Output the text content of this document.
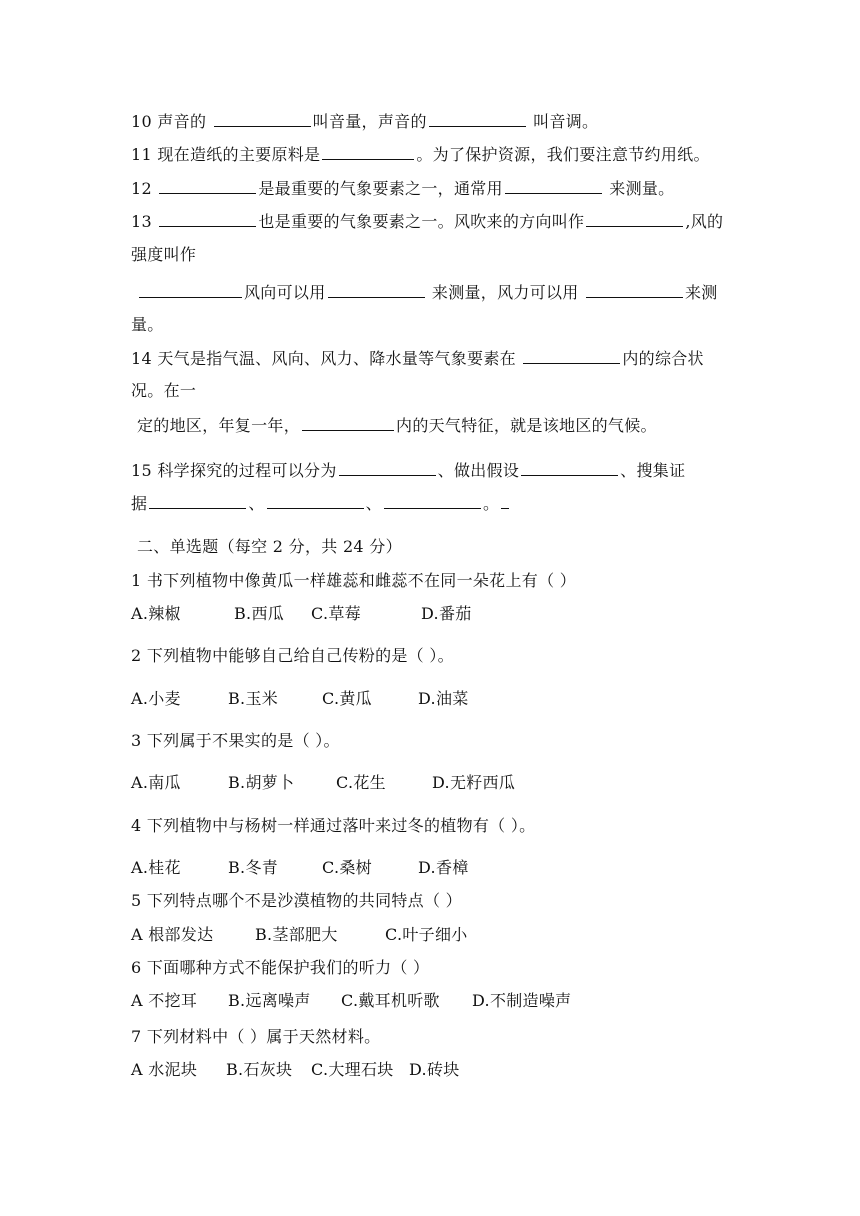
10 声音的	叫音量，声音的	叫音调。
11 现在造纸的主要原料是	。为了保护资源，我们要注意节约用纸。
12	是最重要的气象要素之一，通常用	来测量。
13	也是重要的气象要素之一。风吹来的方向叫作	,风的
强度叫作
风向可以用	来测量，风力可以用	来测
量。
14 天气是指气温、风向、风力、降水量等气象要素在	内的综合状
况。在一
定的地区，年复一年，	内的天气特征，就是该地区的气候。
15 科学探究的过程可以分为	、做出假设	、搜集证
据	、	、	。
二、单选题（每空 2 分，共 24 分）
1 书下列植物中像黄瓜一样雄蕊和雌蕊不在同一朵花上有（ ）
A.辣椒	B.西瓜 C.草莓	D.番茄
2 下列植物中能够自己给自己传粉的是（ ）。
A.小麦	B.玉米	C.黄瓜	D.油菜
3 下列属于不果实的是（ ）。
A.南瓜	B.胡萝卜	C.花生	D.无籽西瓜
4 下列植物中与杨树一样通过落叶来过冬的植物有（ ）。
A.桂花	B.冬青	C.桑树	D.香樟
5 下列特点哪个不是沙漠植物的共同特点（ ）
A 根部发达	B.茎部肥大	C.叶子细小
6 下面哪种方式不能保护我们的听力（ ）
A 不挖耳 B.远离噪声 C.戴耳机听歌 D.不制造噪声
7 下列材料中（ ）属于天然材料。
A 水泥块 B.石灰块 C.大理石块 D.砖块
